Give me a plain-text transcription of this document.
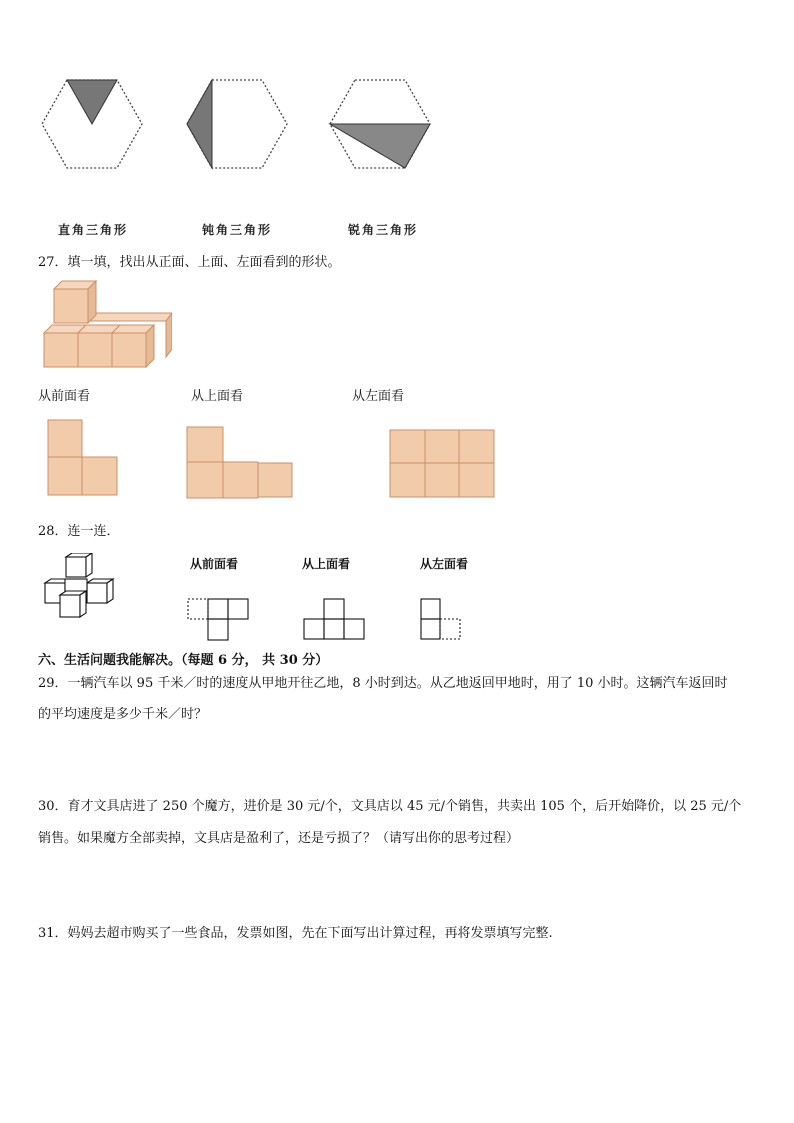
直角三角形	钝角三角形	锐角三角形
27．填一填，找出从正面、上面、左面看到的形状。
从前面看	从上面看	从左面看
28．连一连．
从前面看	从上面看	从左面看
六、生活问题我能解决。（每题 6 分， 共 30 分）
29．一辆汽车以 95 千米／时的速度从甲地开往乙地，8 小时到达。从乙地返回甲地时，用了 10 小时。这辆汽车返回时
的平均速度是多少千米／时？
30．育才文具店进了 250 个魔方，进价是 30 元/个，文具店以 45 元/个销售，共卖出 105 个，后开始降价，以 25 元/个
销售。如果魔方全部卖掉，文具店是盈利了，还是亏损了？（请写出你的思考过程）
31．妈妈去超市购买了一些食品，发票如图，先在下面写出计算过程，再将发票填写完整.
